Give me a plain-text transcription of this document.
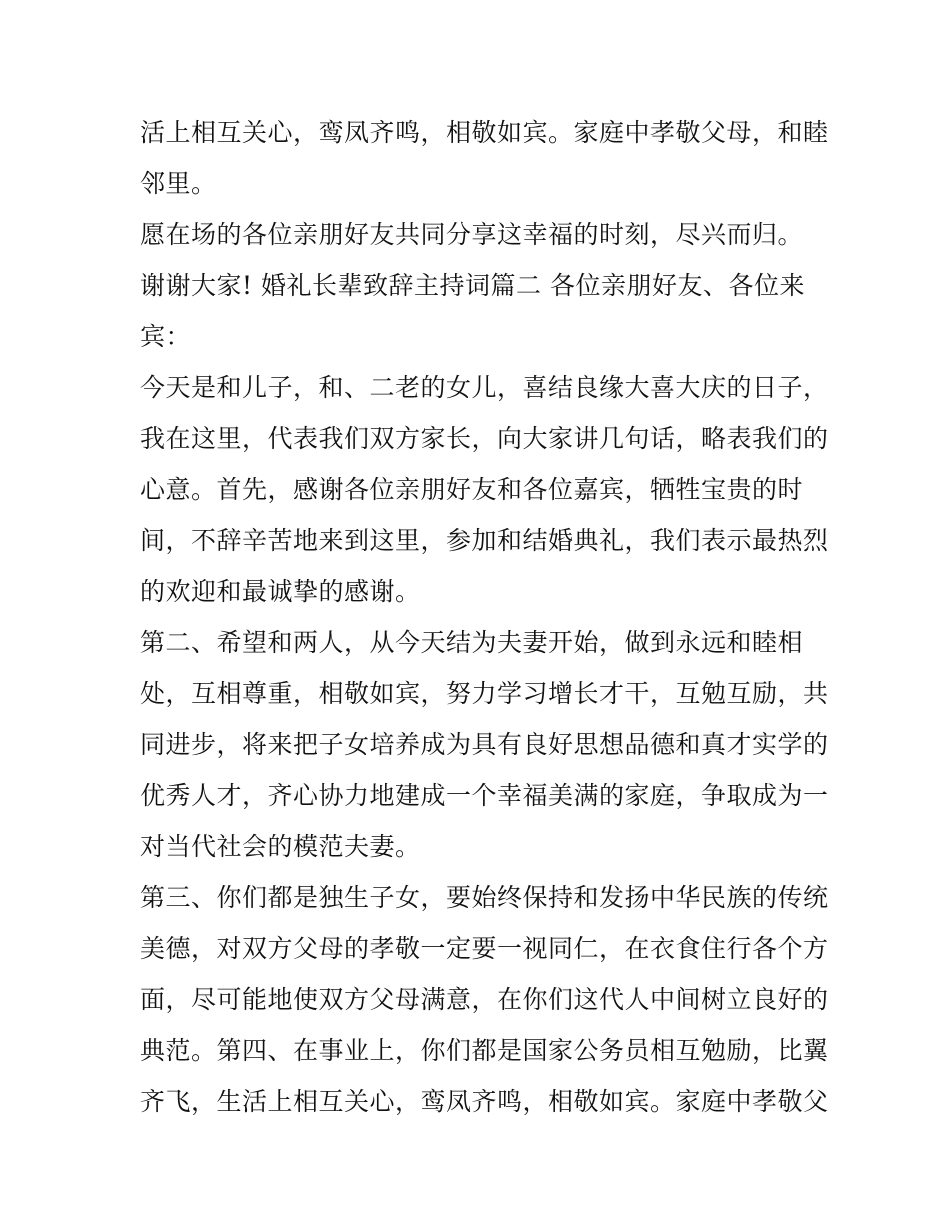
活上相互关心，鸾凤齐鸣，相敬如宾。家庭中孝敬父母，和睦
邻里。
愿在场的各位亲朋好友共同分享这幸福的时刻，尽兴而归。
谢谢大家! 婚礼长辈致辞主持词篇二 各位亲朋好友、各位来
宾：
今天是和儿子，和、二老的女儿，喜结良缘大喜大庆的日子，
我在这里，代表我们双方家长，向大家讲几句话，略表我们的
心意。首先，感谢各位亲朋好友和各位嘉宾，牺牲宝贵的时
间，不辞辛苦地来到这里，参加和结婚典礼，我们表示最热烈
的欢迎和最诚挚的感谢。
第二、希望和两人，从今天结为夫妻开始，做到永远和睦相
处，互相尊重，相敬如宾，努力学习增长才干，互勉互励，共
同进步，将来把子女培养成为具有良好思想品德和真才实学的
优秀人才，齐心协力地建成一个幸福美满的家庭，争取成为一
对当代社会的模范夫妻。
第三、你们都是独生子女，要始终保持和发扬中华民族的传统
美德，对双方父母的孝敬一定要一视同仁，在衣食住行各个方
面，尽可能地使双方父母满意，在你们这代人中间树立良好的
典范。第四、在事业上，你们都是国家公务员相互勉励，比翼
齐飞，生活上相互关心，鸾凤齐鸣，相敬如宾。家庭中孝敬父
